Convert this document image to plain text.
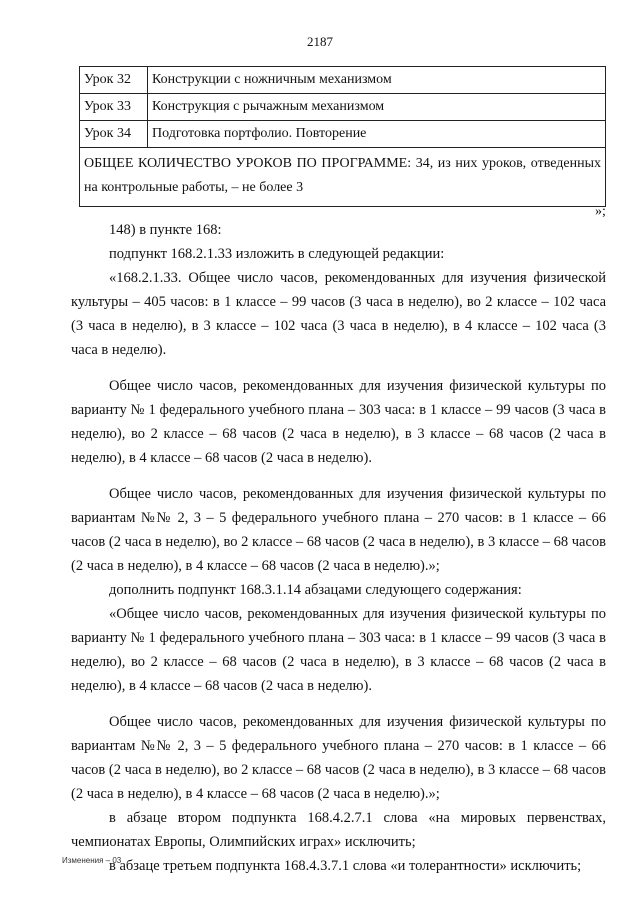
2187
Урок 32	Конструкции с ножничным механизмом
Урок 33	Конструкция с рычажным механизмом
Урок 34	Подготовка портфолио. Повторение
ОБЩЕЕ КОЛИЧЕСТВО УРОКОВ ПО ПРОГРАММЕ: 34, из них уроков, отведенных на контрольные работы, – не более 3	
»;

148) в пункте 168:

подпункт 168.2.1.33 изложить в следующей редакции:

«168.2.1.33. Общее число часов, рекомендованных для изучения физической культуры – 405 часов: в 1 классе – 99 часов (3 часа в неделю), во 2 классе – 102 часа (3 часа в неделю), в 3 классе – 102 часа (3 часа в неделю), в 4 классе – 102 часа (3 часа в неделю).

Общее число часов, рекомендованных для изучения физической культуры по варианту № 1 федерального учебного плана – 303 часа: в 1 классе – 99 часов (3 часа в неделю), во 2 классе – 68 часов (2 часа в неделю), в 3 классе – 68 часов (2 часа в неделю), в 4 классе – 68 часов (2 часа в неделю).

Общее число часов, рекомендованных для изучения физической культуры по вариантам №№ 2, 3 – 5 федерального учебного плана – 270 часов: в 1 классе – 66 часов (2 часа в неделю), во 2 классе – 68 часов (2 часа в неделю), в 3 классе – 68 часов (2 часа в неделю), в 4 классе – 68 часов (2 часа в неделю).»;

дополнить подпункт 168.3.1.14 абзацами следующего содержания:

«Общее число часов, рекомендованных для изучения физической культуры по варианту № 1 федерального учебного плана – 303 часа: в 1 классе – 99 часов (3 часа в неделю), во 2 классе – 68 часов (2 часа в неделю), в 3 классе – 68 часов (2 часа в неделю), в 4 классе – 68 часов (2 часа в неделю).

Общее число часов, рекомендованных для изучения физической культуры по вариантам №№ 2, 3 – 5 федерального учебного плана – 270 часов: в 1 классе – 66 часов (2 часа в неделю), во 2 классе – 68 часов (2 часа в неделю), в 3 классе – 68 часов (2 часа в неделю), в 4 классе – 68 часов (2 часа в неделю).»;

в абзаце втором подпункта 168.4.2.7.1 слова «на мировых первенствах, чемпионатах Европы, Олимпийских играх» исключить;

в абзаце третьем подпункта 168.4.3.7.1 слова «и толерантности» исключить;

Изменения – 03
